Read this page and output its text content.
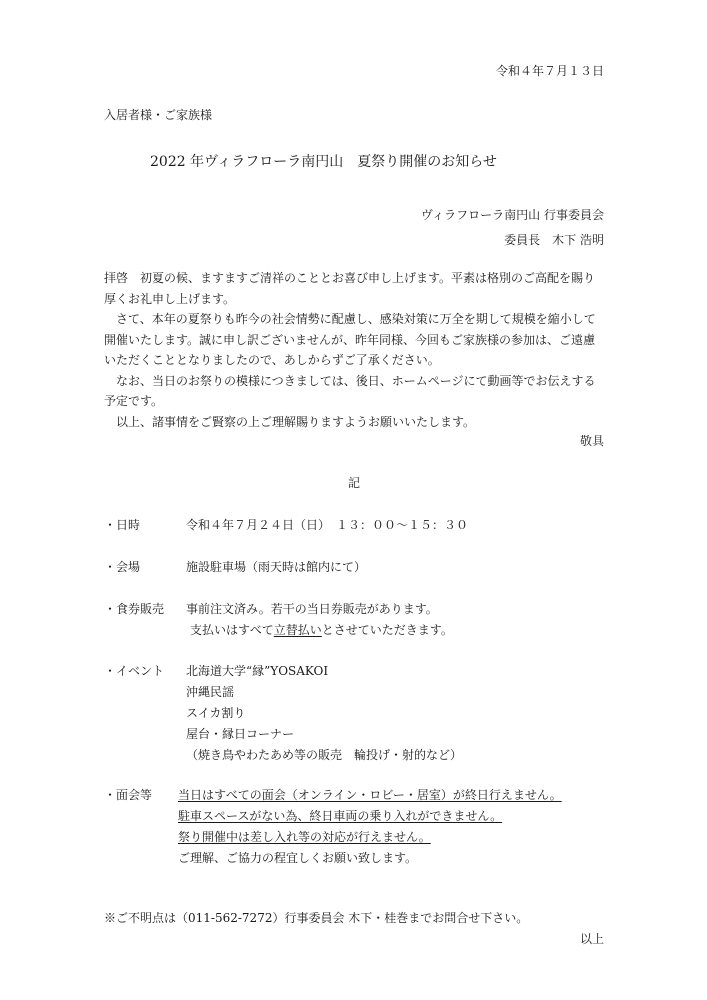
令和４年７月１３日
入居者様・ご家族様
2022 年ヴィラフローラ南円山　夏祭り開催のお知らせ
ヴィラフローラ南円山 行事委員会
委員長　木下 浩明

拝啓　初夏の候、ますますご清祥のこととお喜び申し上げます。平素は格別のご高配を賜り厚くお礼申し上げます。

さて、本年の夏祭りも昨今の社会情勢に配慮し、感染対策に万全を期して規模を縮小して開催いたします。誠に申し訳ございませんが、昨年同様、今回もご家族様の参加は、ご遠慮いただくこととなりましたので、あしからずご了承ください。

なお、当日のお祭りの模様につきましては、後日、ホームページにて動画等でお伝えする予定です。

以上、諸事情をご賢察の上ご理解賜りますようお願いいたします。

敬具
記
・日時	令和４年７月２４日（日）　１３：００〜１５：３０
・会場	施設駐車場（雨天時は館内にて）
・食券販売 事前注文済み。若干の当日券販売があります。
支払いはすべて立替払いとさせていただきます。
・イベント 北海道大学“縁”YOSAKOI
沖縄民謡
スイカ割り
屋台・縁日コーナー
（焼き鳥やわたあめ等の販売　輪投げ・射的など）
・面会等 当日はすべての面会（オンライン・ロビー・居室）が終日行えません。
駐車スペースがない為、終日車両の乗り入れができません。
祭り開催中は差し入れ等の対応が行えません。
ご理解、ご協力の程宜しくお願い致します。
※ご不明点は（011-562-7272）行事委員会 木下・桂巻までお問合せ下さい。
以上
